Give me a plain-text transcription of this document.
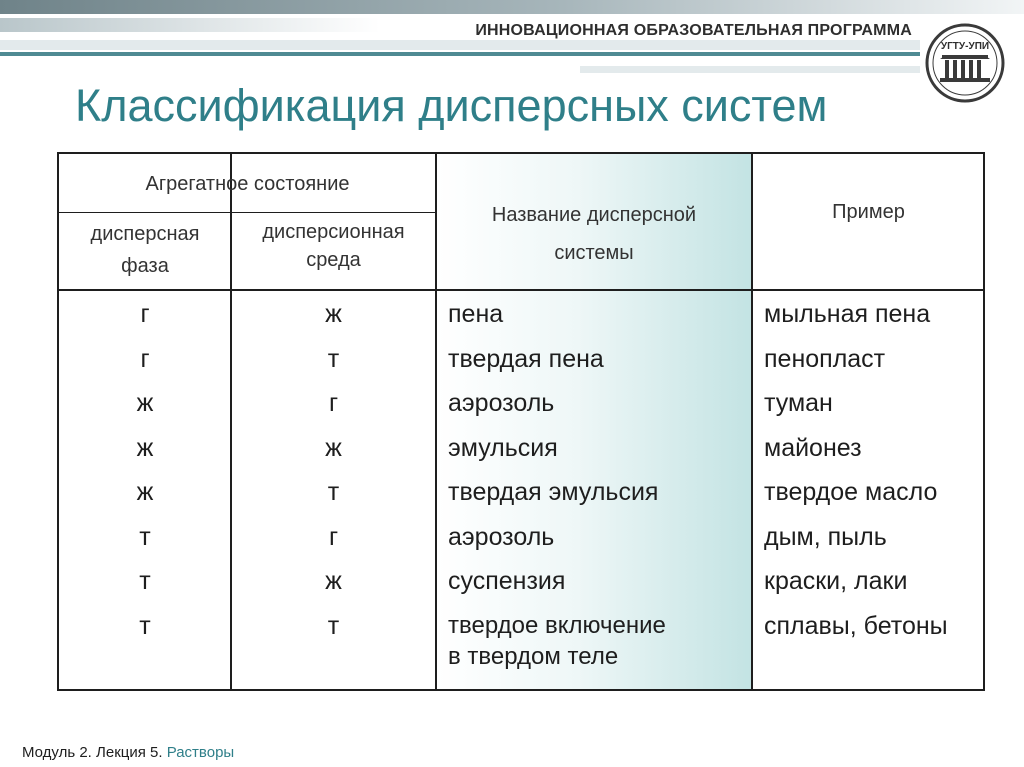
ИННОВАЦИОННАЯ ОБРАЗОВАТЕЛЬНАЯ ПРОГРАММА
УГТУ-УПИ
Классификация дисперсных систем
Агрегатное состояние
дисперсная
фаза
дисперсионная
среда
Название дисперсной
системы
Пример
г
г
ж
ж
ж
т
т
т
ж
т
г
ж
т
г
ж
т
пена
твердая пена
аэрозоль
эмульсия
твердая эмульсия
аэрозоль
суспензия
твердое включение
в твердом теле
мыльная пена
пенопласт
туман
майонез
твердое масло
дым, пыль
краски, лаки
сплавы, бетоны
Модуль 2. Лекция 5. Растворы
